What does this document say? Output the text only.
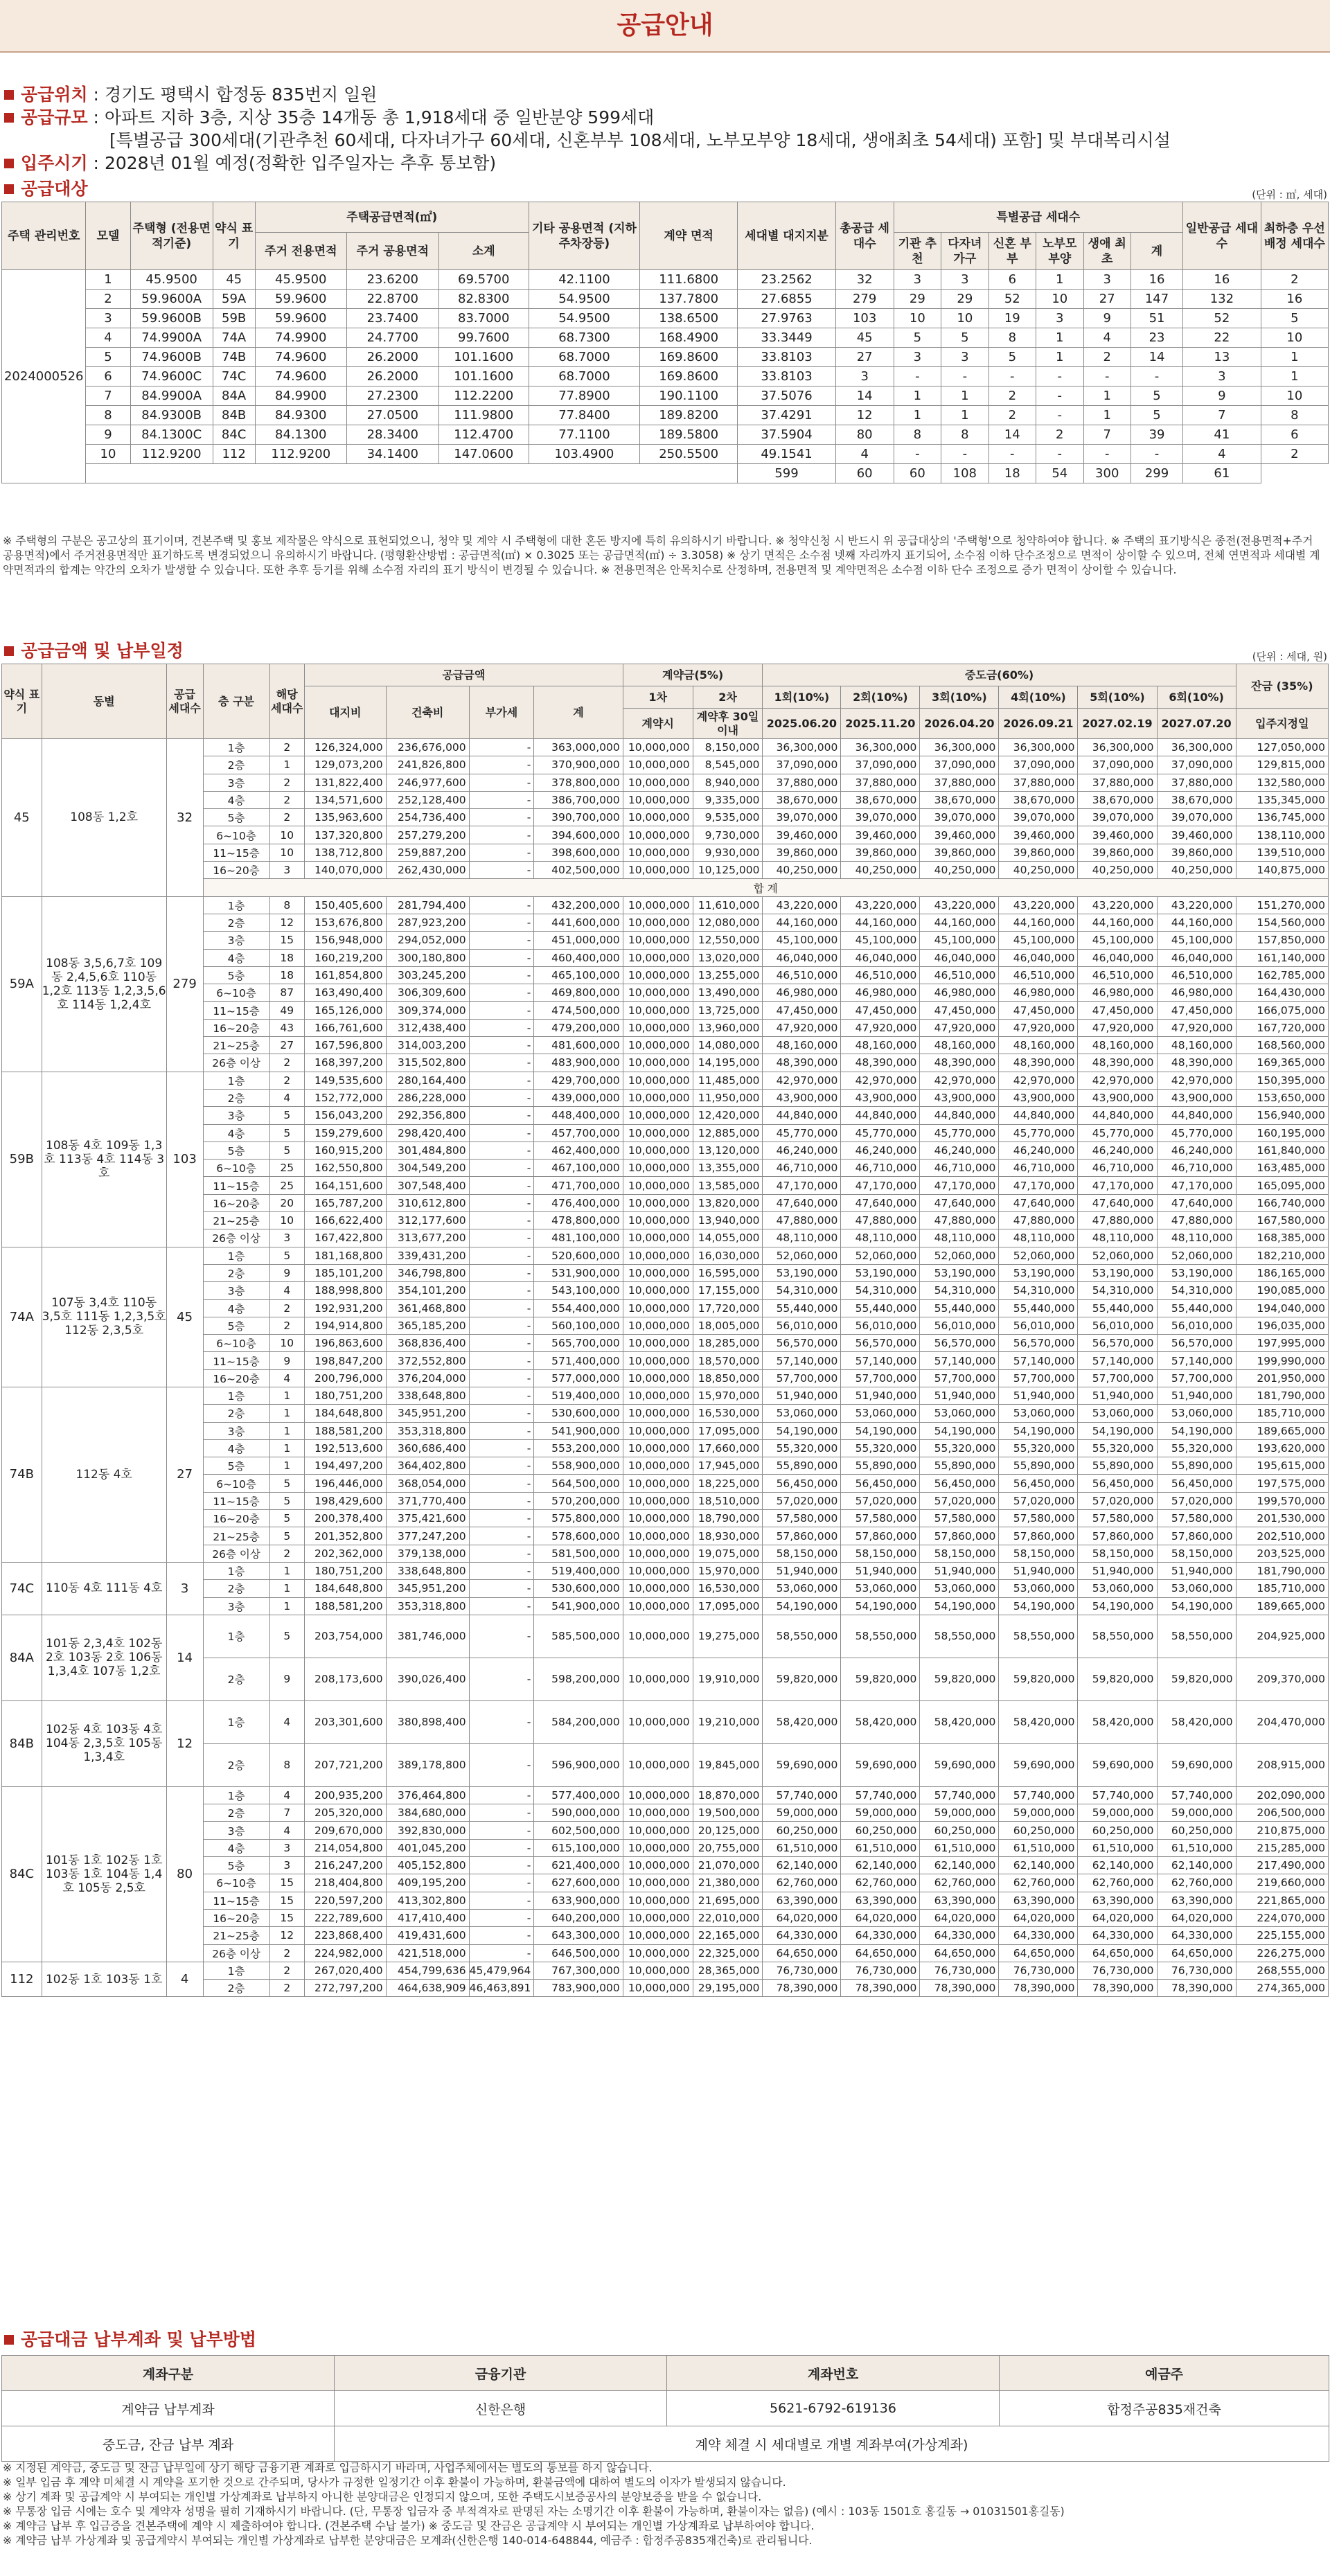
공급안내
공급위치 : 경기도 평택시 합정동 835번지 일원
공급규모 : 아파트 지하 3층, 지상 35층 14개동 총 1,918세대 중 일반분양 599세대
[특별공급 300세대(기관추천 60세대, 다자녀가구 60세대, 신혼부부 108세대, 노부모부양 18세대, 생애최초 54세대) 포함] 및 부대복리시설
입주시기 : 2028년 01월 예정(정확한 입주일자는 추후 통보함)
공급대상	(단위 : ㎡, 세대)
주택 관리번호	모델	주택형 (전용면적기준)	약식 표기	주택공급면적(㎡)			기타 공용면적 (지하주차장등)	계약 면적	세대별 대지지분	총공급 세대수	특별공급 세대수						일반공급 세대수	최하층 우선배정 세대수
				주거 전용면적	주거 공용면적	소계					기관 추천	다자녀 가구	신혼 부부	노부모 부양	생애 최초	계		
2024000526	1	45.9500	45	45.9500	23.6200	69.5700	42.1100	111.6800	23.2562	32	3	3	6	1	3	16	16	2
	2	59.9600A	59A	59.9600	22.8700	82.8300	54.9500	137.7800	27.6855	279	29	29	52	10	27	147	132	16
	3	59.9600B	59B	59.9600	23.7400	83.7000	54.9500	138.6500	27.9763	103	10	10	19	3	9	51	52	5
	4	74.9900A	74A	74.9900	24.7700	99.7600	68.7300	168.4900	33.3449	45	5	5	8	1	4	23	22	10
	5	74.9600B	74B	74.9600	26.2000	101.1600	68.7000	169.8600	33.8103	27	3	3	5	1	2	14	13	1
	6	74.9600C	74C	74.9600	26.2000	101.1600	68.7000	169.8600	33.8103	3	-	-	-	-	-	-	3	1
	7	84.9900A	84A	84.9900	27.2300	112.2200	77.8900	190.1100	37.5076	14	1	1	2	-	1	5	9	10
	8	84.9300B	84B	84.9300	27.0500	111.9800	77.8400	189.8200	37.4291	12	1	1	2	-	1	5	7	8
	9	84.1300C	84C	84.1300	28.3400	112.4700	77.1100	189.5800	37.5904	80	8	8	14	2	7	39	41	6
	10	112.9200	112	112.9200	34.1400	147.0600	103.4900	250.5500	49.1541	4	-	-	-	-	-	-	4	2
									599	60	60	108	18	54	300	299	61	
※ 주택형의 구분은 공고상의 표기이며, 견본주택 및 홍보 제작물은 약식으로 표현되었으니, 청약 및 계약 시 주택형에 대한 혼돈 방지에 특히 유의하시기 바랍니다. ※ 청약신청 시 반드시 위 공급대상의 '주택형'으로 청약하여야 합니다. ※ 주택의 표기방식은 종전(전용면적+주거공용면적)에서 주거전용면적만 표기하도록 변경되었으니 유의하시기 바랍니다. (평형환산방법 : 공급면적(㎡) × 0.3025 또는 공급면적(㎡) ÷ 3.3058) ※ 상기 면적은 소수점 넷째 자리까지 표기되어, 소수점 이하 단수조정으로 면적이 상이할 수 있으며, 전체 연면적과 세대별 계약면적과의 합계는 약간의 오차가 발생할 수 있습니다. 또한 추후 등기를 위해 소수점 자리의 표기 방식이 변경될 수 있습니다. ※ 전용면적은 안목치수로 산정하며, 전용면적 및 계약면적은 소수점 이하 단수 조정으로 증가 면적이 상이할 수 있습니다.
공급금액 및 납부일정	(단위 : 세대, 원)
약식 표기	동별	공급 세대수	층 구분	해당 세대수	공급금액				계약금(5%)		중도금(60%)						잔금 (35%)
					대지비	건축비	부가세	계	1차	2차	1회(10%)	2회(10%)	3회(10%)	4회(10%)	5회(10%)	6회(10%)	
									계약시	계약후 30일 이내	2025.06.20	2025.11.20	2026.04.20	2026.09.21	2027.02.19	2027.07.20	입주지정일
45	108동 1,2호	32	1층	2	126,324,000	236,676,000	-	363,000,000	10,000,000	8,150,000	36,300,000	36,300,000	36,300,000	36,300,000	36,300,000	36,300,000	127,050,000
			2층	1	129,073,200	241,826,800	-	370,900,000	10,000,000	8,545,000	37,090,000	37,090,000	37,090,000	37,090,000	37,090,000	37,090,000	129,815,000
			3층	2	131,822,400	246,977,600	-	378,800,000	10,000,000	8,940,000	37,880,000	37,880,000	37,880,000	37,880,000	37,880,000	37,880,000	132,580,000
			4층	2	134,571,600	252,128,400	-	386,700,000	10,000,000	9,335,000	38,670,000	38,670,000	38,670,000	38,670,000	38,670,000	38,670,000	135,345,000
			5층	2	135,963,600	254,736,400	-	390,700,000	10,000,000	9,535,000	39,070,000	39,070,000	39,070,000	39,070,000	39,070,000	39,070,000	136,745,000
			6~10층	10	137,320,800	257,279,200	-	394,600,000	10,000,000	9,730,000	39,460,000	39,460,000	39,460,000	39,460,000	39,460,000	39,460,000	138,110,000
			11~15층	10	138,712,800	259,887,200	-	398,600,000	10,000,000	9,930,000	39,860,000	39,860,000	39,860,000	39,860,000	39,860,000	39,860,000	139,510,000
			16~20층	3	140,070,000	262,430,000	-	402,500,000	10,000,000	10,125,000	40,250,000	40,250,000	40,250,000	40,250,000	40,250,000	40,250,000	140,875,000
			합 계														
59A	108동 3,5,6,7호 109동 2,4,5,6호 110동 1,2호 113동 1,2,3,5,6호 114동 1,2,4호	279	1층	8	150,405,600	281,794,400	-	432,200,000	10,000,000	11,610,000	43,220,000	43,220,000	43,220,000	43,220,000	43,220,000	43,220,000	151,270,000
			2층	12	153,676,800	287,923,200	-	441,600,000	10,000,000	12,080,000	44,160,000	44,160,000	44,160,000	44,160,000	44,160,000	44,160,000	154,560,000
			3층	15	156,948,000	294,052,000	-	451,000,000	10,000,000	12,550,000	45,100,000	45,100,000	45,100,000	45,100,000	45,100,000	45,100,000	157,850,000
			4층	18	160,219,200	300,180,800	-	460,400,000	10,000,000	13,020,000	46,040,000	46,040,000	46,040,000	46,040,000	46,040,000	46,040,000	161,140,000
			5층	18	161,854,800	303,245,200	-	465,100,000	10,000,000	13,255,000	46,510,000	46,510,000	46,510,000	46,510,000	46,510,000	46,510,000	162,785,000
			6~10층	87	163,490,400	306,309,600	-	469,800,000	10,000,000	13,490,000	46,980,000	46,980,000	46,980,000	46,980,000	46,980,000	46,980,000	164,430,000
			11~15층	49	165,126,000	309,374,000	-	474,500,000	10,000,000	13,725,000	47,450,000	47,450,000	47,450,000	47,450,000	47,450,000	47,450,000	166,075,000
			16~20층	43	166,761,600	312,438,400	-	479,200,000	10,000,000	13,960,000	47,920,000	47,920,000	47,920,000	47,920,000	47,920,000	47,920,000	167,720,000
			21~25층	27	167,596,800	314,003,200	-	481,600,000	10,000,000	14,080,000	48,160,000	48,160,000	48,160,000	48,160,000	48,160,000	48,160,000	168,560,000
			26층 이상	2	168,397,200	315,502,800	-	483,900,000	10,000,000	14,195,000	48,390,000	48,390,000	48,390,000	48,390,000	48,390,000	48,390,000	169,365,000
59B	108동 4호 109동 1,3호 113동 4호 114동 3호	103	1층	2	149,535,600	280,164,400	-	429,700,000	10,000,000	11,485,000	42,970,000	42,970,000	42,970,000	42,970,000	42,970,000	42,970,000	150,395,000
			2층	4	152,772,000	286,228,000	-	439,000,000	10,000,000	11,950,000	43,900,000	43,900,000	43,900,000	43,900,000	43,900,000	43,900,000	153,650,000
			3층	5	156,043,200	292,356,800	-	448,400,000	10,000,000	12,420,000	44,840,000	44,840,000	44,840,000	44,840,000	44,840,000	44,840,000	156,940,000
			4층	5	159,279,600	298,420,400	-	457,700,000	10,000,000	12,885,000	45,770,000	45,770,000	45,770,000	45,770,000	45,770,000	45,770,000	160,195,000
			5층	5	160,915,200	301,484,800	-	462,400,000	10,000,000	13,120,000	46,240,000	46,240,000	46,240,000	46,240,000	46,240,000	46,240,000	161,840,000
			6~10층	25	162,550,800	304,549,200	-	467,100,000	10,000,000	13,355,000	46,710,000	46,710,000	46,710,000	46,710,000	46,710,000	46,710,000	163,485,000
			11~15층	25	164,151,600	307,548,400	-	471,700,000	10,000,000	13,585,000	47,170,000	47,170,000	47,170,000	47,170,000	47,170,000	47,170,000	165,095,000
			16~20층	20	165,787,200	310,612,800	-	476,400,000	10,000,000	13,820,000	47,640,000	47,640,000	47,640,000	47,640,000	47,640,000	47,640,000	166,740,000
			21~25층	10	166,622,400	312,177,600	-	478,800,000	10,000,000	13,940,000	47,880,000	47,880,000	47,880,000	47,880,000	47,880,000	47,880,000	167,580,000
			26층 이상	3	167,422,800	313,677,200	-	481,100,000	10,000,000	14,055,000	48,110,000	48,110,000	48,110,000	48,110,000	48,110,000	48,110,000	168,385,000
74A	107동 3,4호 110동 3,5호 111동 1,2,3,5호 112동 2,3,5호	45	1층	5	181,168,800	339,431,200	-	520,600,000	10,000,000	16,030,000	52,060,000	52,060,000	52,060,000	52,060,000	52,060,000	52,060,000	182,210,000
			2층	9	185,101,200	346,798,800	-	531,900,000	10,000,000	16,595,000	53,190,000	53,190,000	53,190,000	53,190,000	53,190,000	53,190,000	186,165,000
			3층	4	188,998,800	354,101,200	-	543,100,000	10,000,000	17,155,000	54,310,000	54,310,000	54,310,000	54,310,000	54,310,000	54,310,000	190,085,000
			4층	2	192,931,200	361,468,800	-	554,400,000	10,000,000	17,720,000	55,440,000	55,440,000	55,440,000	55,440,000	55,440,000	55,440,000	194,040,000
			5층	2	194,914,800	365,185,200	-	560,100,000	10,000,000	18,005,000	56,010,000	56,010,000	56,010,000	56,010,000	56,010,000	56,010,000	196,035,000
			6~10층	10	196,863,600	368,836,400	-	565,700,000	10,000,000	18,285,000	56,570,000	56,570,000	56,570,000	56,570,000	56,570,000	56,570,000	197,995,000
			11~15층	9	198,847,200	372,552,800	-	571,400,000	10,000,000	18,570,000	57,140,000	57,140,000	57,140,000	57,140,000	57,140,000	57,140,000	199,990,000
			16~20층	4	200,796,000	376,204,000	-	577,000,000	10,000,000	18,850,000	57,700,000	57,700,000	57,700,000	57,700,000	57,700,000	57,700,000	201,950,000
74B	112동 4호	27	1층	1	180,751,200	338,648,800	-	519,400,000	10,000,000	15,970,000	51,940,000	51,940,000	51,940,000	51,940,000	51,940,000	51,940,000	181,790,000
			2층	1	184,648,800	345,951,200	-	530,600,000	10,000,000	16,530,000	53,060,000	53,060,000	53,060,000	53,060,000	53,060,000	53,060,000	185,710,000
			3층	1	188,581,200	353,318,800	-	541,900,000	10,000,000	17,095,000	54,190,000	54,190,000	54,190,000	54,190,000	54,190,000	54,190,000	189,665,000
			4층	1	192,513,600	360,686,400	-	553,200,000	10,000,000	17,660,000	55,320,000	55,320,000	55,320,000	55,320,000	55,320,000	55,320,000	193,620,000
			5층	1	194,497,200	364,402,800	-	558,900,000	10,000,000	17,945,000	55,890,000	55,890,000	55,890,000	55,890,000	55,890,000	55,890,000	195,615,000
			6~10층	5	196,446,000	368,054,000	-	564,500,000	10,000,000	18,225,000	56,450,000	56,450,000	56,450,000	56,450,000	56,450,000	56,450,000	197,575,000
			11~15층	5	198,429,600	371,770,400	-	570,200,000	10,000,000	18,510,000	57,020,000	57,020,000	57,020,000	57,020,000	57,020,000	57,020,000	199,570,000
			16~20층	5	200,378,400	375,421,600	-	575,800,000	10,000,000	18,790,000	57,580,000	57,580,000	57,580,000	57,580,000	57,580,000	57,580,000	201,530,000
			21~25층	5	201,352,800	377,247,200	-	578,600,000	10,000,000	18,930,000	57,860,000	57,860,000	57,860,000	57,860,000	57,860,000	57,860,000	202,510,000
			26층 이상	2	202,362,000	379,138,000	-	581,500,000	10,000,000	19,075,000	58,150,000	58,150,000	58,150,000	58,150,000	58,150,000	58,150,000	203,525,000
74C	110동 4호 111동 4호	3	1층	1	180,751,200	338,648,800	-	519,400,000	10,000,000	15,970,000	51,940,000	51,940,000	51,940,000	51,940,000	51,940,000	51,940,000	181,790,000
			2층	1	184,648,800	345,951,200	-	530,600,000	10,000,000	16,530,000	53,060,000	53,060,000	53,060,000	53,060,000	53,060,000	53,060,000	185,710,000
			3층	1	188,581,200	353,318,800	-	541,900,000	10,000,000	17,095,000	54,190,000	54,190,000	54,190,000	54,190,000	54,190,000	54,190,000	189,665,000
84A	101동 2,3,4호 102동 2호 103동 2호 106동 1,3,4호 107동 1,2호	14	1층	5	203,754,000	381,746,000	-	585,500,000	10,000,000	19,275,000	58,550,000	58,550,000	58,550,000	58,550,000	58,550,000	58,550,000	204,925,000
			2층	9	208,173,600	390,026,400	-	598,200,000	10,000,000	19,910,000	59,820,000	59,820,000	59,820,000	59,820,000	59,820,000	59,820,000	209,370,000
84B	102동 4호 103동 4호 104동 2,3,5호 105동 1,3,4호	12	1층	4	203,301,600	380,898,400	-	584,200,000	10,000,000	19,210,000	58,420,000	58,420,000	58,420,000	58,420,000	58,420,000	58,420,000	204,470,000
			2층	8	207,721,200	389,178,800	-	596,900,000	10,000,000	19,845,000	59,690,000	59,690,000	59,690,000	59,690,000	59,690,000	59,690,000	208,915,000
84C	101동 1호 102동 1호 103동 1호 104동 1,4호 105동 2,5호	80	1층	4	200,935,200	376,464,800	-	577,400,000	10,000,000	18,870,000	57,740,000	57,740,000	57,740,000	57,740,000	57,740,000	57,740,000	202,090,000
			2층	7	205,320,000	384,680,000	-	590,000,000	10,000,000	19,500,000	59,000,000	59,000,000	59,000,000	59,000,000	59,000,000	59,000,000	206,500,000
			3층	4	209,670,000	392,830,000	-	602,500,000	10,000,000	20,125,000	60,250,000	60,250,000	60,250,000	60,250,000	60,250,000	60,250,000	210,875,000
			4층	3	214,054,800	401,045,200	-	615,100,000	10,000,000	20,755,000	61,510,000	61,510,000	61,510,000	61,510,000	61,510,000	61,510,000	215,285,000
			5층	3	216,247,200	405,152,800	-	621,400,000	10,000,000	21,070,000	62,140,000	62,140,000	62,140,000	62,140,000	62,140,000	62,140,000	217,490,000
			6~10층	15	218,404,800	409,195,200	-	627,600,000	10,000,000	21,380,000	62,760,000	62,760,000	62,760,000	62,760,000	62,760,000	62,760,000	219,660,000
			11~15층	15	220,597,200	413,302,800	-	633,900,000	10,000,000	21,695,000	63,390,000	63,390,000	63,390,000	63,390,000	63,390,000	63,390,000	221,865,000
			16~20층	15	222,789,600	417,410,400	-	640,200,000	10,000,000	22,010,000	64,020,000	64,020,000	64,020,000	64,020,000	64,020,000	64,020,000	224,070,000
			21~25층	12	223,868,400	419,431,600	-	643,300,000	10,000,000	22,165,000	64,330,000	64,330,000	64,330,000	64,330,000	64,330,000	64,330,000	225,155,000
			26층 이상	2	224,982,000	421,518,000	-	646,500,000	10,000,000	22,325,000	64,650,000	64,650,000	64,650,000	64,650,000	64,650,000	64,650,000	226,275,000
112	102동 1호 103동 1호	4	1층	2	267,020,400	454,799,636	45,479,964	767,300,000	10,000,000	28,365,000	76,730,000	76,730,000	76,730,000	76,730,000	76,730,000	76,730,000	268,555,000
			2층	2	272,797,200	464,638,909	46,463,891	783,900,000	10,000,000	29,195,000	78,390,000	78,390,000	78,390,000	78,390,000	78,390,000	78,390,000	274,365,000
공급대금 납부계좌 및 납부방법
계좌구분	금융기관	계좌번호	예금주
계약금 납부계좌	신한은행	5621-6792-619136	합정주공835재건축
중도금, 잔금 납부 계좌	계약 체결 시 세대별로 개별 계좌부여(가상계좌)		

※ 지정된 계약금, 중도금 및 잔금 납부일에 상기 해당 금융기관 계좌로 입금하시기 바라며, 사업주체에서는 별도의 통보를 하지 않습니다.

※ 일부 입금 후 계약 미체결 시 계약을 포기한 것으로 간주되며, 당사가 규정한 일정기간 이후 환불이 가능하며, 환불금액에 대하여 별도의 이자가 발생되지 않습니다.

※ 상기 계좌 및 공급계약 시 부여되는 개인별 가상계좌로 납부하지 아니한 분양대금은 인정되지 않으며, 또한 주택도시보증공사의 분양보증을 받을 수 없습니다.

※ 무통장 입금 시에는 호수 및 계약자 성명을 필히 기재하시기 바랍니다. (단, 무통장 입금자 중 부적격자로 판명된 자는 소명기간 이후 환불이 가능하며, 환불이자는 없음) (예시 : 103동 1501호 홍길동 → 01031501홍길동)

※ 계약금 납부 후 입금증을 견본주택에 계약 시 제출하여야 합니다. (견본주택 수납 불가) ※ 중도금 및 잔금은 공급계약 시 부여되는 개인별 가상계좌로 납부하여야 합니다.

※ 계약금 납부 가상계좌 및 공급계약시 부여되는 개인별 가상계좌로 납부한 분양대금은 모계좌(신한은행 140-014-648844, 예금주 : 합정주공835재건축)로 관리됩니다.
